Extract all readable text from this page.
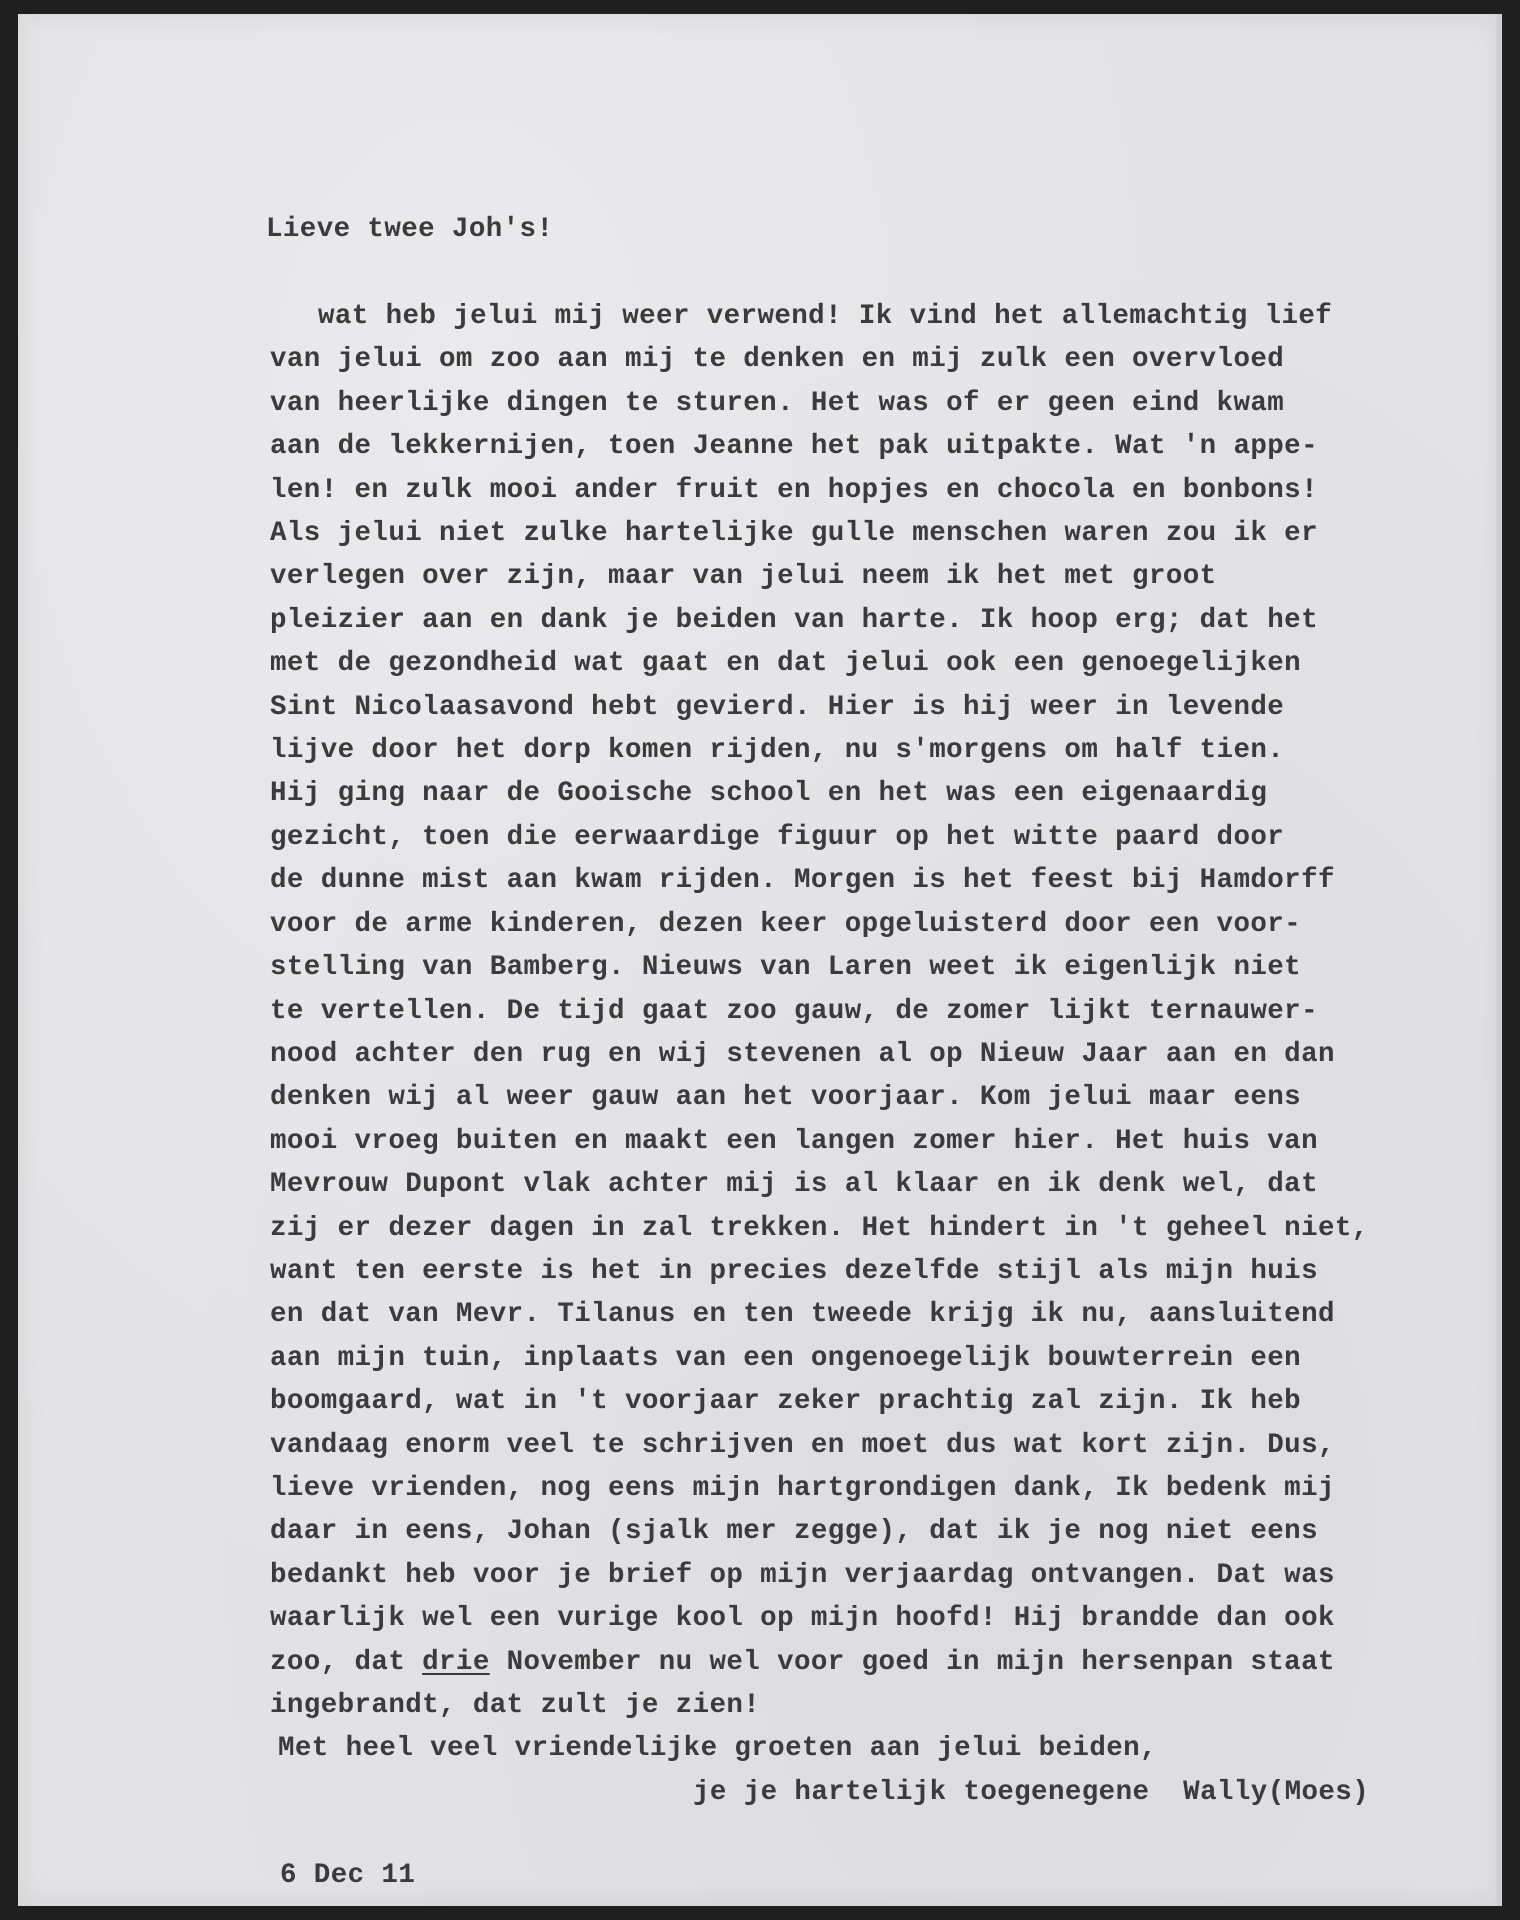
Lieve twee Joh's!
wat heb jelui mij weer verwend! Ik vind het allemachtig lief
van jelui om zoo aan mij te denken en mij zulk een overvloed
van heerlijke dingen te sturen. Het was of er geen eind kwam
aan de lekkernijen, toen Jeanne het pak uitpakte. Wat 'n appe-
len! en zulk mooi ander fruit en hopjes en chocola en bonbons!
Als jelui niet zulke hartelijke gulle menschen waren zou ik er
verlegen over zijn, maar van jelui neem ik het met groot
pleizier aan en dank je beiden van harte. Ik hoop erg; dat het
met de gezondheid wat gaat en dat jelui ook een genoegelijken
Sint Nicolaasavond hebt gevierd. Hier is hij weer in levende
lijve door het dorp komen rijden, nu s'morgens om half tien.
Hij ging naar de Gooische school en het was een eigenaardig
gezicht, toen die eerwaardige figuur op het witte paard door
de dunne mist aan kwam rijden. Morgen is het feest bij Hamdorff
voor de arme kinderen, dezen keer opgeluisterd door een voor-
stelling van Bamberg. Nieuws van Laren weet ik eigenlijk niet
te vertellen. De tijd gaat zoo gauw, de zomer lijkt ternauwer-
nood achter den rug en wij stevenen al op Nieuw Jaar aan en dan
denken wij al weer gauw aan het voorjaar. Kom jelui maar eens
mooi vroeg buiten en maakt een langen zomer hier. Het huis van
Mevrouw Dupont vlak achter mij is al klaar en ik denk wel, dat
zij er dezer dagen in zal trekken. Het hindert in 't geheel niet,
want ten eerste is het in precies dezelfde stijl als mijn huis
en dat van Mevr. Tilanus en ten tweede krijg ik nu, aansluitend
aan mijn tuin, inplaats van een ongenoegelijk bouwterrein een
boomgaard, wat in 't voorjaar zeker prachtig zal zijn. Ik heb
vandaag enorm veel te schrijven en moet dus wat kort zijn. Dus,
lieve vrienden, nog eens mijn hartgrondigen dank, Ik bedenk mij
daar in eens, Johan (sjalk mer zegge), dat ik je nog niet eens
bedankt heb voor je brief op mijn verjaardag ontvangen. Dat was
waarlijk wel een vurige kool op mijn hoofd! Hij brandde dan ook
zoo, dat drie November nu wel voor goed in mijn hersenpan staat
ingebrandt, dat zult je zien!
Met heel veel vriendelijke groeten aan jelui beiden,
je je hartelijk toegenegene  Wally(Moes)
6 Dec 11
